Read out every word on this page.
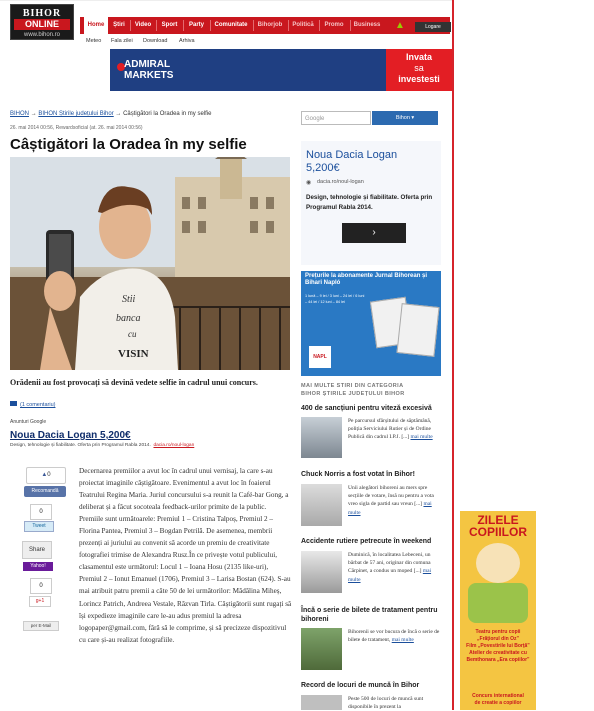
BIHOR
ONLINE
www.bihon.ro
Home	Știri	Video	Sport	Party	Comunitate	Bihorjob	Politică	Promo	Business ▲	Logare
Meteo Fala zilei Download Arhiva
ADMIRAL MARKETS
Invata
sa
investesti
BIHON → BIHON Știrile județului Bihor → Câștigători la Oradea in my selfie
26. mai 2014 00:56, Rewardsoficial (at. 26. mai 2014 00:56)
Câștigători la Oradea în my selfie
Stii
banca
cu
VISIN
Orădenii au fost provocați să devină vedete selfie în cadrul unui concurs.
(1 comentariu)
Anunturi Google
Noua Dacia Logan 5,200€
Design, tehnologie și fiabilitate. Oferta prin Programul Rabla 2014. dacia.ro/noul-logan
▲0
Recomandă
0
Tweet
Share
Yahoo!
0
g+1
per E-Mail
Decernarea premiilor a avut loc în cadrul unui vernisaj, la care s-au proiectat imaginile câștigătoare. Evenimentul a avut loc în foaierul Teatrului Regina Maria. Juriul concursului s-a reunit la Café-bar Gong, a deliberat și a făcut socoteala feedback-urilor primite de la public. Premiile sunt următoarele: Premiul 1 – Cristina Talpoș, Premiul 2 – Florina Pantea, Premiul 3 – Bogdan Petrilă. De asemenea, membrii prezenți ai juriului au convenit să acorde un premiu de creativitate fotografiei trimise de Alexandra Rusz.În ce privește votul publicului, clasamentul este următorul: Locul 1 – Ioana Hosu (2135 like-uri), Premiul 2 – Ionut Emanuel (1706), Premiul 3 – Larisa Bostan (624). S-au mai atribuit patru premii a câte 50 de lei următorilor: Mădălina Miheș, Lorincz Patrich, Andreea Vestale, Răzvan Tirla. Câștigătorii sunt rugați să își expedieze imaginile care le-au adus premiul la adresa logopaper@gmail.com, fără să le comprime, și să precizeze dispozitivul cu care și-au realizat fotografiile.
Google	Bihon ▾
Noua Dacia Logan 5,200€
◉ dacia.ro/noul-logan
Design, tehnologie și fiabilitate. Oferta prin Programul Rabla 2014.
›
Prețurile la abonamente Jurnal Bihorean și Bihari Napló
1 lună – 9 lei / 3 luni – 24 lei / 6 luni – 44 lei / 12 luni – 84 lei
NAPL
MAI MULTE STIRI DIN CATEGORIA
BIHOR ȘTIRILE JUDEȚULUI BIHOR
400 de sancțiuni pentru viteză excesivă
Pe parcursul sfârșitului de săptămână, poliția Serviciului Rutier și de Ordine Publică din cadrul I.P.J. [...] mai multe
Chuck Norris a fost votat în Bihor!
Unii alegători bihoreni au mers spre secțiile de votare, însă nu pentru a vota vreo sigla de partid sau vreun [...] mai multe
Accidente rutiere petrecute în weekend
Duminică, în localitatea Lebeceni, un bărbat de 57 ani, originar din comuna Cărpinet, a condus un moped [...] mai multe
Încă o serie de bilete de tratament pentru bihoreni
Bihorenii se vor bucura de încă o serie de bilete de tratament, mai multe
Record de locuri de muncă în Bihor
Peste 500 de locuri de muncă sunt disponibile în prezent la
ZILELE
COPIILOR
Teatru pentru copii
„Frăţiorul din Oz”
Film „Povestirile lui Borţă”
Atelier de creativitate cu
Bemthonara „Era copiilor”
Concurs international
de creatie a copiilor
